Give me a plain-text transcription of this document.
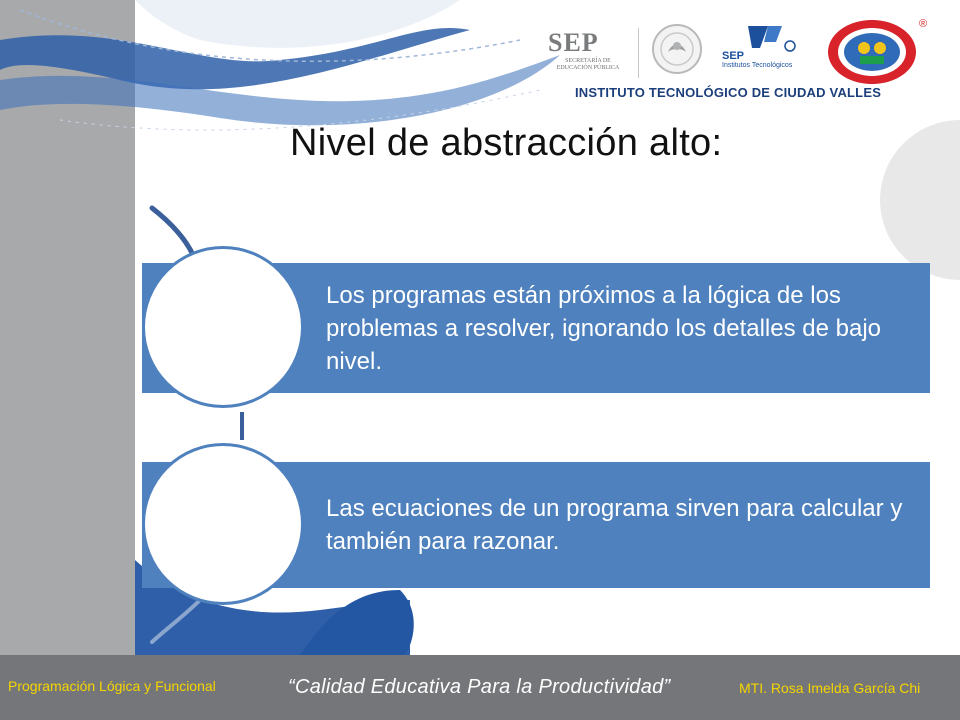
SEP
SECRETARÍA DE EDUCACIÓN PÚBLICA
SEP
Institutos Tecnológicos
®
INSTITUTO TECNOLÓGICO DE CIUDAD VALLES
Nivel de abstracción alto:
Los programas están próximos a la lógica de los problemas a resolver, ignorando los detalles de bajo nivel.
Las ecuaciones de un programa sirven para calcular y también para razonar.
Programación Lógica y Funcional	“Calidad Educativa Para la Productividad”	MTI. Rosa Imelda García Chi
